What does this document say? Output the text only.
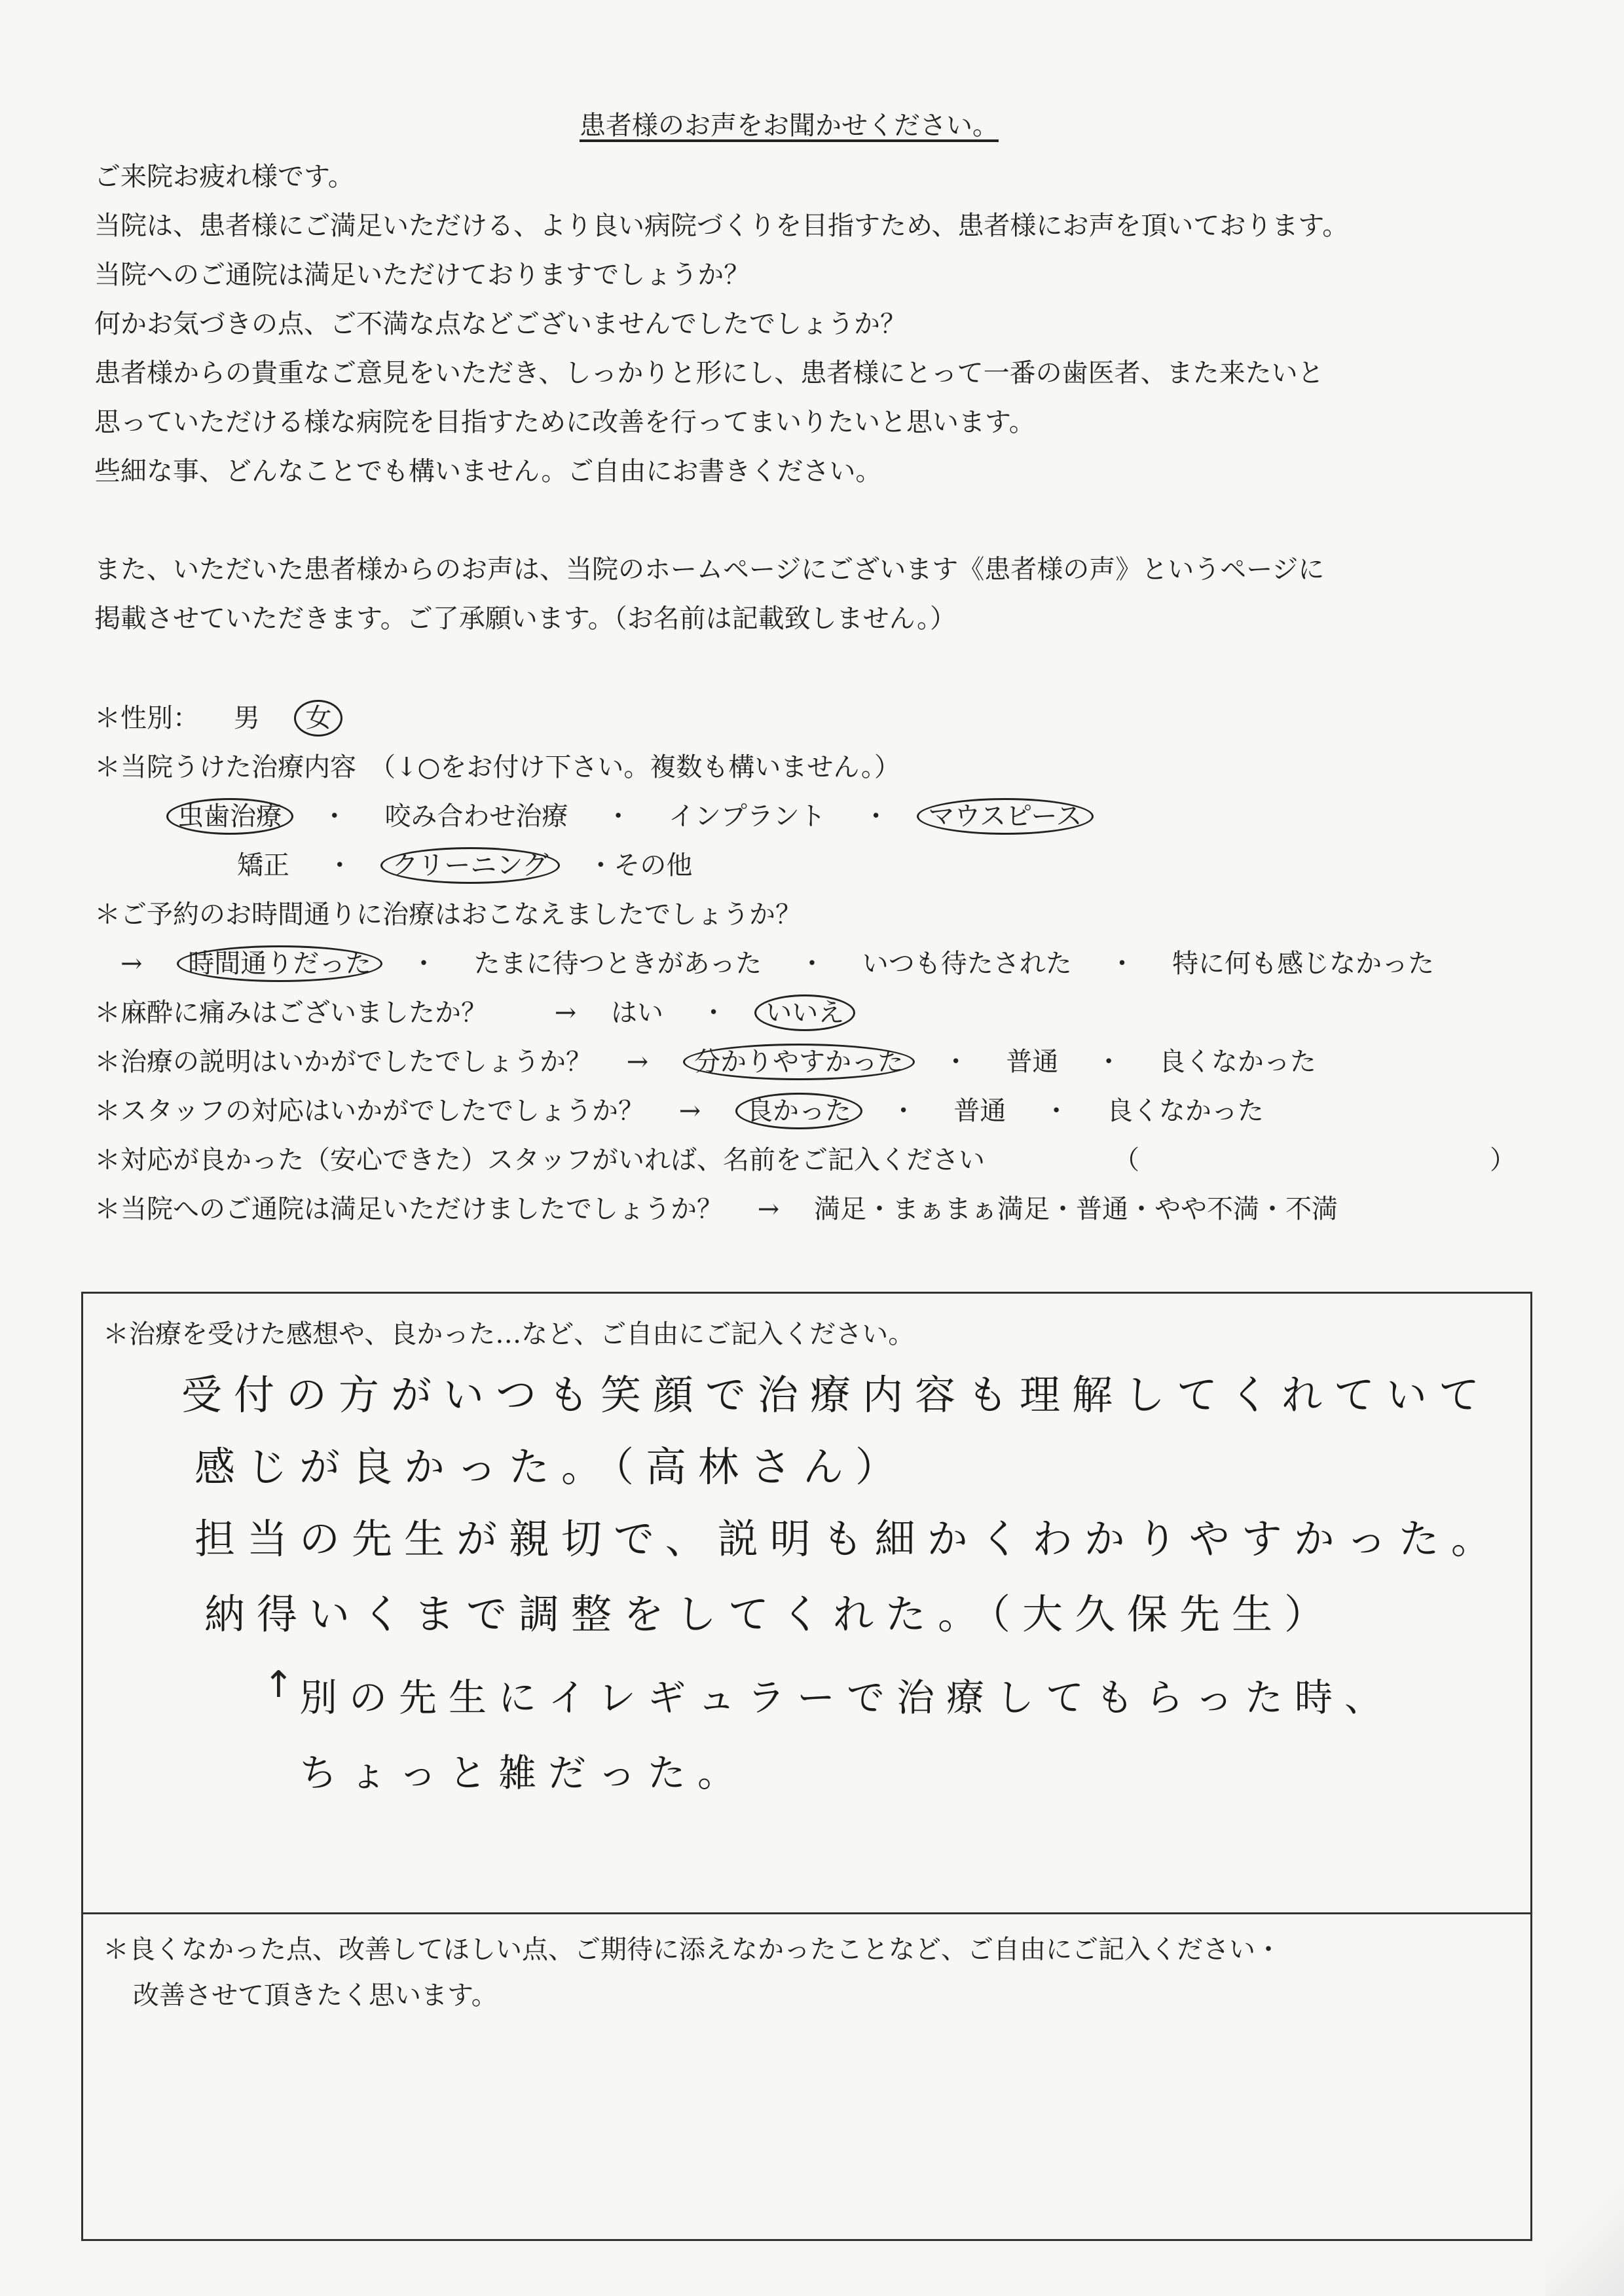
患者様のお声をお聞かせください。
ご来院お疲れ様です。
当院は、患者様にご満足いただける、より良い病院づくりを目指すため、患者様にお声を頂いております。
当院へのご通院は満足いただけておりますでしょうか？
何かお気づきの点、ご不満な点などございませんでしたでしょうか？
患者様からの貴重なご意見をいただき、しっかりと形にし、患者様にとって一番の歯医者、また来たいと
思っていただける様な病院を目指すために改善を行ってまいりたいと思います。
些細な事、どんなことでも構いません。ご自由にお書きください。
また、いただいた患者様からのお声は、当院のホームページにございます《患者様の声》というページに
掲載させていただきます。ご了承願います。（お名前は記載致しません。）
＊性別： 男 女
＊当院うけた治療内容　（↓○をお付け下さい。複数も構いません。）
虫歯治療 ・ 咬み合わせ治療 ・ インプラント ・ マウスピース
矯正 ・ クリーニング ・その他
＊ご予約のお時間通りに治療はおこなえましたでしょうか？
→ 時間通りだった ・ たまに待つときがあった ・ いつも待たされた ・ 特に何も感じなかった
＊麻酔に痛みはございましたか？	→ はい ・ いいえ
＊治療の説明はいかがでしたでしょうか？ → 分かりやすかった ・ 普通 ・ 良くなかった
＊スタッフの対応はいかがでしたでしょうか？ → 良かった ・ 普通 ・ 良くなかった
＊対応が良かった（安心できた）スタッフがいれば、名前をご記入ください	（	）
＊当院へのご通院は満足いただけましたでしょうか？ → 満足・まぁまぁ満足・普通・やや不満・不満
＊治療を受けた感想や、良かった…など、ご自由にご記入ください。
受付の方がいつも笑顔で治療内容も理解してくれていて
感じが良かった。（高林さん）
担当の先生が親切で、説明も細かくわかりやすかった。
納得いくまで調整をしてくれた。（大久保先生）
↑ 別の先生にイレギュラーで治療してもらった時、
ちょっと雑だった。
＊良くなかった点、改善してほしい点、ご期待に添えなかったことなど、ご自由にご記入ください・
改善させて頂きたく思います。
